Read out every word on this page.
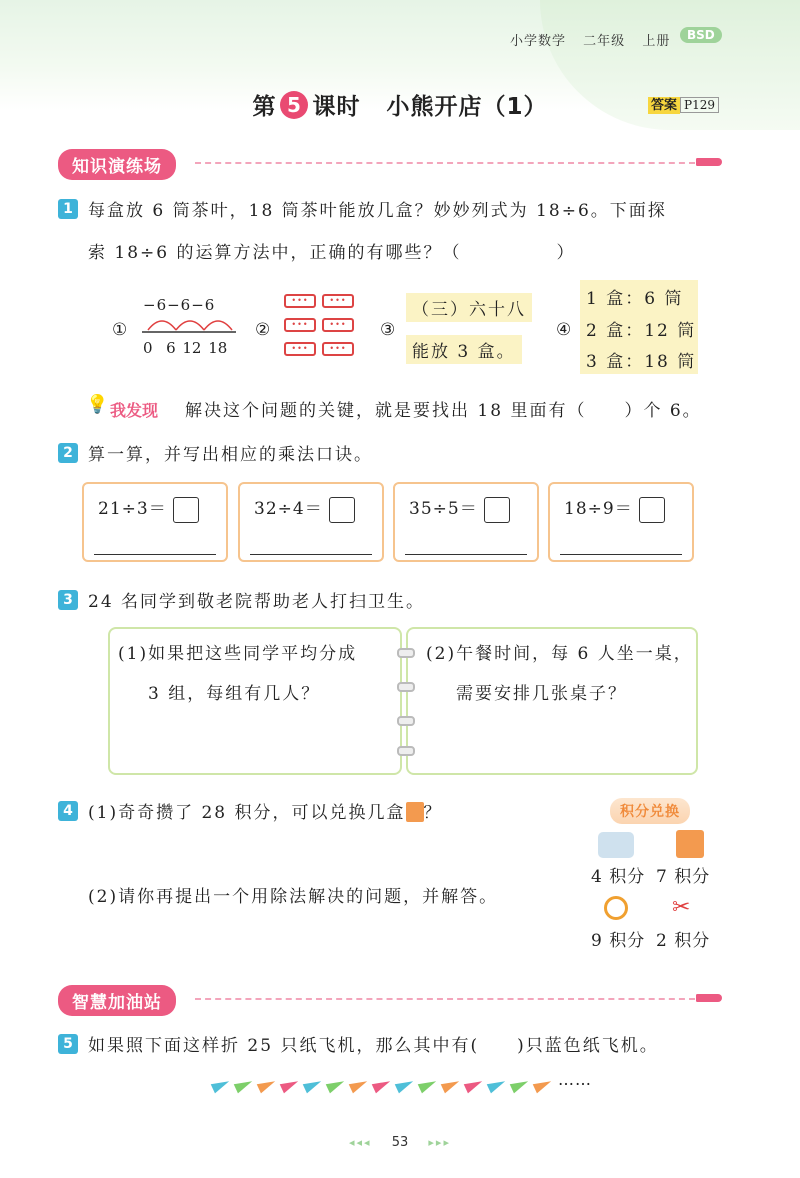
小学数学 二年级 上册	BSD
第 5 课时 小熊开店（1）	答案 P129
知识演练场
1 每盒放 6 筒茶叶，18 筒茶叶能放几盒？妙妙列式为 18÷6。下面探
索 18÷6 的运算方法中，正确的有哪些？（　　　　　）
①
−6−6−6
0  6 12 18
②
•••	•••
•••	•••
•••	•••
③
（三）六十八
能放 3 盒。
④
1 盒：6 筒
2 盒：12 筒
3 盒：18 筒
💡 我发现 解决这个问题的关键，就是要找出 18 里面有（　　）个 6。
2 算一算，并写出相应的乘法口诀。
21÷3＝	32÷4＝	35÷5＝	18÷9＝
3 24 名同学到敬老院帮助老人打扫卫生。
(1)如果把这些同学平均分成
3 组，每组有几人？
(2)午餐时间，每 6 人坐一桌，
需要安排几张桌子？
4 (1)奇奇攒了 28 积分，可以兑换几盒 ？
(2)请你再提出一个用除法解决的问题，并解答。
积分兑换
4 积分 7 积分
✂
9 积分 2 积分
智慧加油站
5 如果照下面这样折 25 只纸飞机，那么其中有(　　)只蓝色纸飞机。
……
◂◂◂ 53 ▸▸▸
